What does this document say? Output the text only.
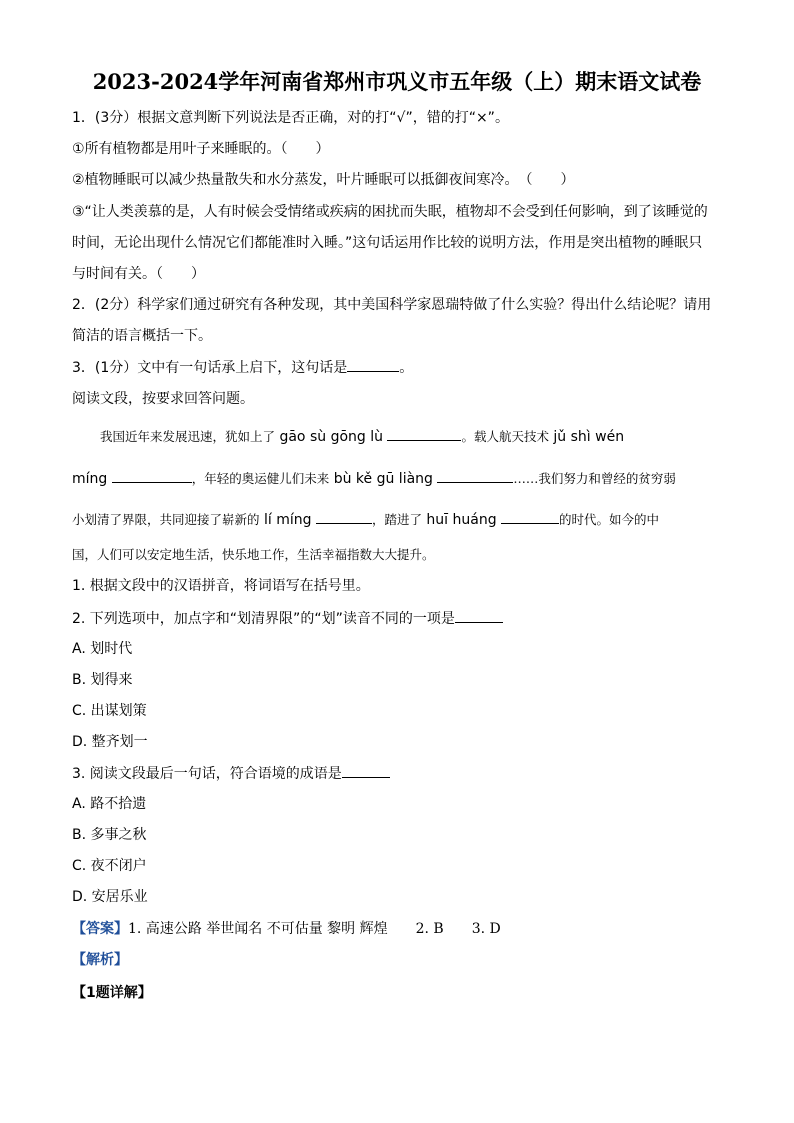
2023-2024学年河南省郑州市巩义市五年级（上）期末语文试卷
1．(3分）根据文意判断下列说法是否正确，对的打“√”，错的打“×”。
①所有植物都是用叶子来睡眠的。（　　）
②植物睡眠可以减少热量散失和水分蒸发，叶片睡眠可以抵御夜间寒冷。　（　　）
③“让人类羡慕的是，人有时候会受情绪或疾病的困扰而失眠，植物却不会受到任何影响，到了该睡觉的
时间，无论出现什么情况它们都能准时入睡。”这句话运用作比较的说明方法，作用是突出植物的睡眠只
与时间有关。（　　）
2．(2分）科学家们通过研究有各种发现，其中美国科学家恩瑞特做了什么实验？得出什么结论呢？请用
简洁的语言概括一下。
3．(1分）文中有一句话承上启下，这句话是	。
阅读文段，按要求回答问题。
我国近年来发展迅速，犹如上了 gāo sù gōng lù	。载人航天技术 jǔ shì wén
míng	，年轻的奥运健儿们未来 bù kě gū liàng	……我们努力和曾经的贫穷弱
小划清了界限，共同迎接了崭新的 lí míng	，踏进了 huī huáng	的时代。如今的中
国，人们可以安定地生活，快乐地工作，生活幸福指数大大提升。
1. 根据文段中的汉语拼音，将词语写在括号里。
2. 下列选项中，加点字和“划清界限”的“划”读音不同的一项是
A. 划时代
B. 划得来
C. 出谋划策
D. 整齐划一
3. 阅读文段最后一句话，符合语境的成语是
A. 路不拾遗
B. 多事之秋
C. 夜不闭户
D. 安居乐业
【答案】1. 高速公路 举世闻名 不可估量 黎明 辉煌　　2. B　　3. D
【解析】
【1题详解】
